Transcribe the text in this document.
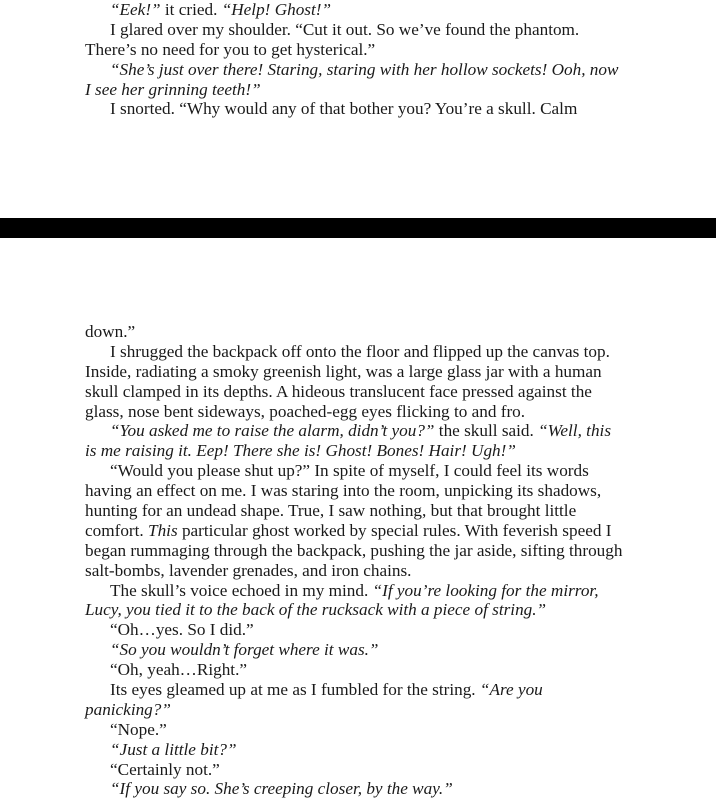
“Eek!” it cried. “Help! Ghost!”
I glared over my shoulder. “Cut it out. So we’ve found the phantom.
There’s no need for you to get hysterical.”
“She’s just over there! Staring, staring with her hollow sockets! Ooh, now
I see her grinning teeth!”
I snorted. “Why would any of that bother you? You’re a skull. Calm
down.”
I shrugged the backpack off onto the floor and flipped up the canvas top.
Inside, radiating a smoky greenish light, was a large glass jar with a human
skull clamped in its depths. A hideous translucent face pressed against the
glass, nose bent sideways, poached-egg eyes flicking to and fro.
“You asked me to raise the alarm, didn’t you?” the skull said. “Well, this
is me raising it. Eep! There she is! Ghost! Bones! Hair! Ugh!”
“Would you please shut up?” In spite of myself, I could feel its words
having an effect on me. I was staring into the room, unpicking its shadows,
hunting for an undead shape. True, I saw nothing, but that brought little
comfort. This particular ghost worked by special rules. With feverish speed I
began rummaging through the backpack, pushing the jar aside, sifting through
salt-bombs, lavender grenades, and iron chains.
The skull’s voice echoed in my mind. “If you’re looking for the mirror,
Lucy, you tied it to the back of the rucksack with a piece of string.”
“Oh…yes. So I did.”
“So you wouldn’t forget where it was.”
“Oh, yeah…Right.”
Its eyes gleamed up at me as I fumbled for the string. “Are you
panicking?”
“Nope.”
“Just a little bit?”
“Certainly not.”
“If you say so. She’s creeping closer, by the way.”
